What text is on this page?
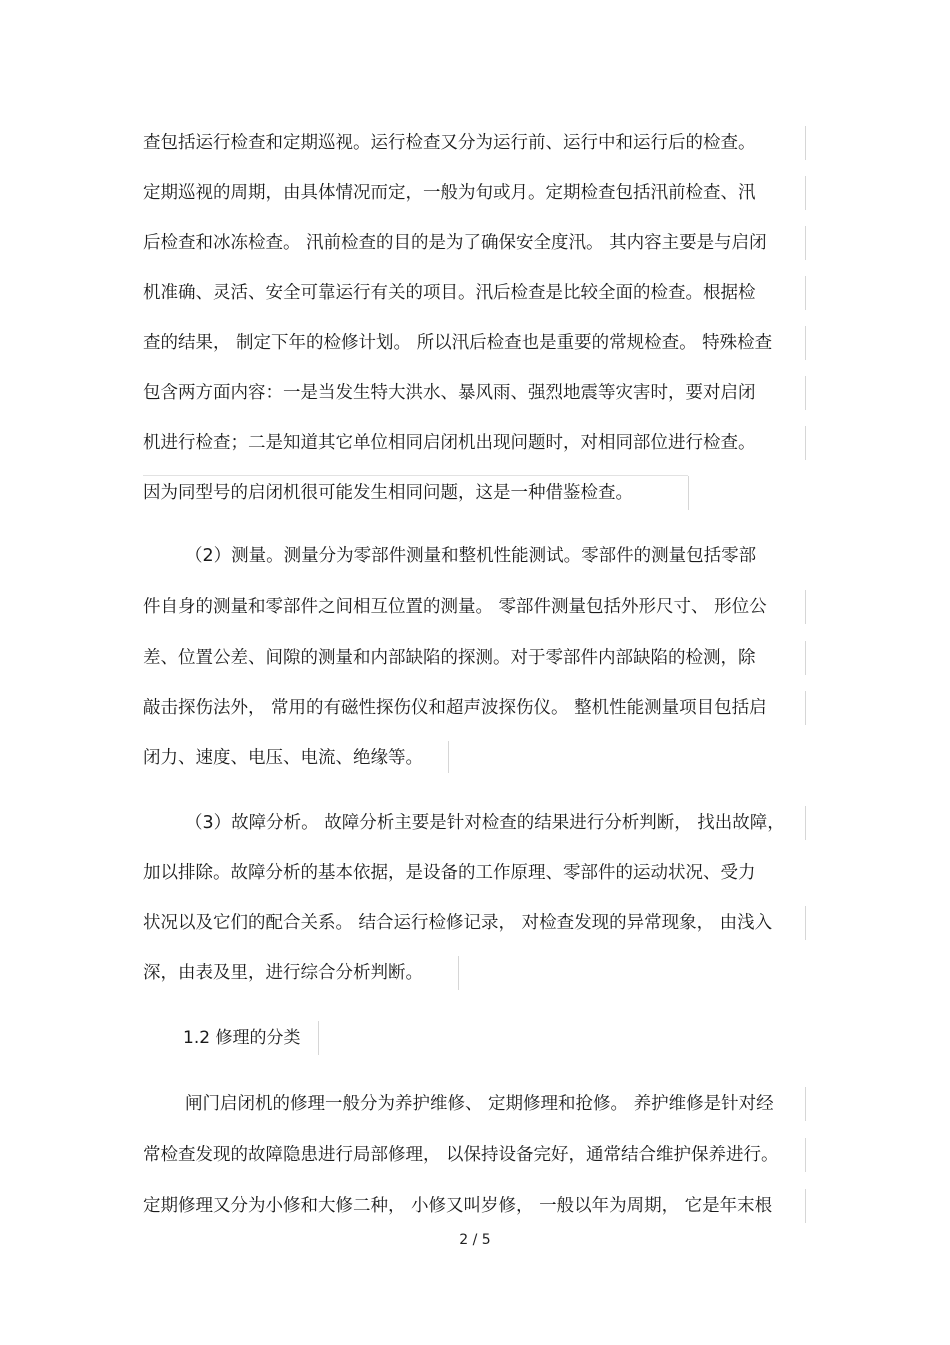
查包括运行检查和定期巡视。运行检查又分为运行前、运行中和运行后的检查。
定期巡视的周期，由具体情况而定，一般为旬或月。定期检查包括汛前检查、汛
后检查和冰冻检查。 汛前检查的目的是为了确保安全度汛。 其内容主要是与启闭
机准确、灵活、安全可靠运行有关的项目。汛后检查是比较全面的检查。根据检
查的结果， 制定下年的检修计划。 所以汛后检查也是重要的常规检查。 特殊检查
包含两方面内容：一是当发生特大洪水、暴风雨、强烈地震等灾害时，要对启闭
机进行检查；二是知道其它单位相同启闭机出现问题时，对相同部位进行检查。
因为同型号的启闭机很可能发生相同问题，这是一种借鉴检查。
（2）测量。测量分为零部件测量和整机性能测试。零部件的测量包括零部
件自身的测量和零部件之间相互位置的测量。 零部件测量包括外形尺寸、 形位公
差、位置公差、间隙的测量和内部缺陷的探测。对于零部件内部缺陷的检测，除
敲击探伤法外， 常用的有磁性探伤仪和超声波探伤仪。 整机性能测量项目包括启
闭力、速度、电压、电流、绝缘等。
（3）故障分析。 故障分析主要是针对检查的结果进行分析判断， 找出故障，
加以排除。故障分析的基本依据，是设备的工作原理、零部件的运动状况、受力
状况以及它们的配合关系。 结合运行检修记录， 对检查发现的异常现象， 由浅入
深，由表及里，进行综合分析判断。
1.2 修理的分类
闸门启闭机的修理一般分为养护维修、 定期修理和抢修。 养护维修是针对经
常检查发现的故障隐患进行局部修理， 以保持设备完好，通常结合维护保养进行。
定期修理又分为小修和大修二种， 小修又叫岁修， 一般以年为周期， 它是年末根
2 / 5
